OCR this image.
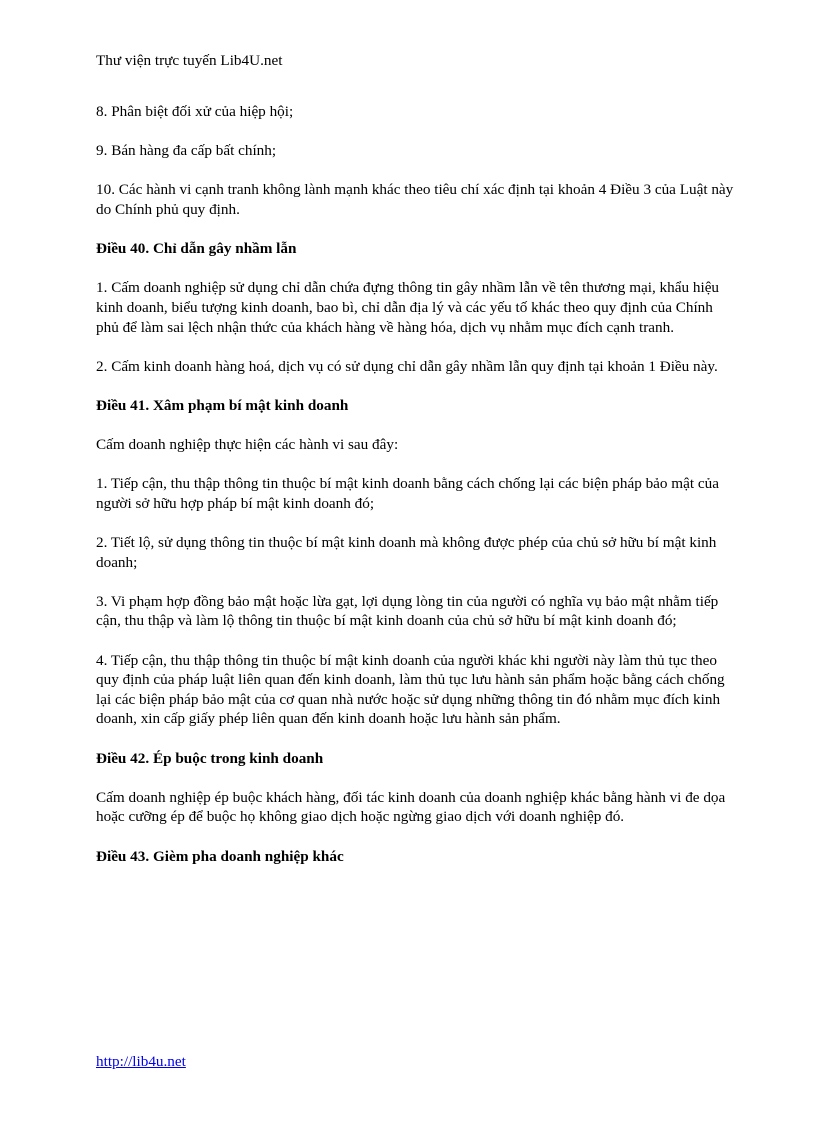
Thư viện trực tuyến Lib4U.net

8. Phân biệt đối xử của hiệp hội;

9. Bán hàng đa cấp bất chính;

10. Các hành vi cạnh tranh không lành mạnh khác theo tiêu chí xác định tại khoản 4 Điều 3 của Luật này do Chính phủ quy định.

Điều 40. Chỉ dẫn gây nhầm lẫn

1. Cấm doanh nghiệp sử dụng chỉ dẫn chứa đựng thông tin gây nhầm lẫn về tên thương mại, khẩu hiệu kinh doanh, biểu tượng kinh doanh, bao bì, chỉ dẫn địa lý và các yếu tố khác theo quy định của Chính phủ để làm sai lệch nhận thức của khách hàng về hàng hóa, dịch vụ nhằm mục đích cạnh tranh.

2. Cấm kinh doanh hàng hoá, dịch vụ có sử dụng chỉ dẫn gây nhầm lẫn quy định tại khoản 1 Điều này.

Điều 41. Xâm phạm bí mật kinh doanh

Cấm doanh nghiệp thực hiện các hành vi sau đây:

1. Tiếp cận, thu thập thông tin thuộc bí mật kinh doanh bằng cách chống lại các biện pháp bảo mật của người sở hữu hợp pháp bí mật kinh doanh đó;

2. Tiết lộ, sử dụng thông tin thuộc bí mật kinh doanh mà không được phép của chủ sở hữu bí mật kinh doanh;

3. Vi phạm hợp đồng bảo mật hoặc lừa gạt, lợi dụng lòng tin của người có nghĩa vụ bảo mật nhằm tiếp cận, thu thập và làm lộ thông tin thuộc bí mật kinh doanh của chủ sở hữu bí mật kinh doanh đó;

4. Tiếp cận, thu thập thông tin thuộc bí mật kinh doanh của người khác khi người này làm thủ tục theo quy định của pháp luật liên quan đến kinh doanh, làm thủ tục lưu hành sản phẩm hoặc bằng cách chống lại các biện pháp bảo mật của cơ quan nhà nước hoặc sử dụng những thông tin đó nhằm mục đích kinh doanh, xin cấp giấy phép liên quan đến kinh doanh hoặc lưu hành sản phẩm.

Điều 42. Ép buộc trong kinh doanh

Cấm doanh nghiệp ép buộc khách hàng, đối tác kinh doanh của doanh nghiệp khác bằng hành vi đe dọa hoặc cưỡng ép để buộc họ không giao dịch hoặc ngừng giao dịch với doanh nghiệp đó.

Điều 43. Gièm pha doanh nghiệp khác

http://lib4u.net
